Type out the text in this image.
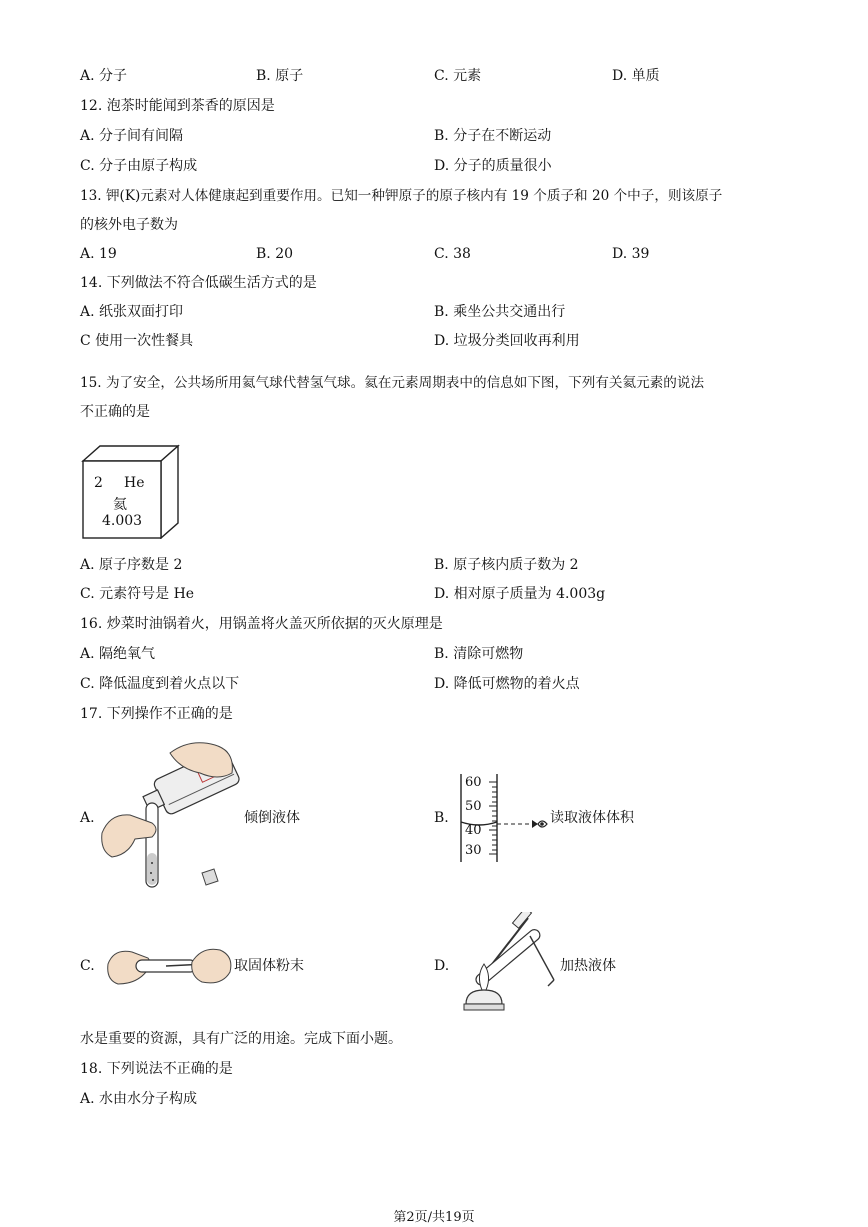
A. 分子	B. 原子	C. 元素	D. 单质
12. 泡茶时能闻到茶香的原因是
A. 分子间有间隔	B. 分子在不断运动
C. 分子由原子构成	D. 分子的质量很小
13. 钾(K)元素对人体健康起到重要作用。已知一种钾原子的原子核内有 19 个质子和 20 个中子，则该原子
的核外电子数为
A. 19	B. 20	C. 38	D. 39
14. 下列做法不符合低碳生活方式的是
A. 纸张双面打印	B. 乘坐公共交通出行
C 使用一次性餐具	D. 垃圾分类回收再利用
15. 为了安全，公共场所用氦气球代替氢气球。氦在元素周期表中的信息如下图，下列有关氦元素的说法
不正确的是
2 He
氦
4.003
A. 原子序数是 2	B. 原子核内质子数为 2
C. 元素符号是 He	D. 相对原子质量为 4.003g
16. 炒菜时油锅着火，用锅盖将火盖灭所依据的灭火原理是
A. 隔绝氧气	B. 清除可燃物
C. 降低温度到着火点以下	D. 降低可燃物的着火点
17. 下列操作不正确的是
A.	倾倒液体	B.
60
50
40
30
读取液体体积
C.	取固体粉末	D.	加热液体
水是重要的资源，具有广泛的用途。完成下面小题。
18. 下列说法不正确的是
A. 水由水分子构成
第2页/共19页
